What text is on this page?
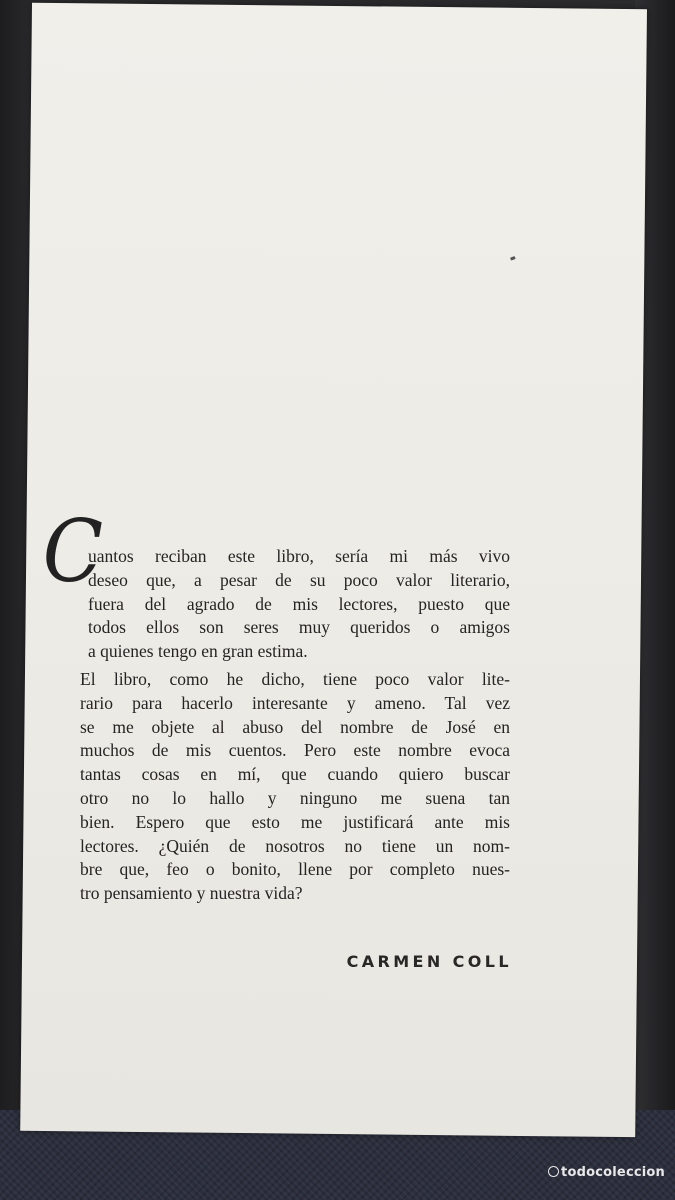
C
uantos reciban este libro, sería mi más vivo
deseo que, a pesar de su poco valor literario,
fuera del agrado de mis lectores, puesto que
todos ellos son seres muy queridos o amigos
a quienes tengo en gran estima.
El libro, como he dicho, tiene poco valor lite-
rario para hacerlo interesante y ameno. Tal vez
se me objete al abuso del nombre de José en
muchos de mis cuentos. Pero este nombre evoca
tantas cosas en mí, que cuando quiero buscar
otro no lo hallo y ninguno me suena tan
bien. Espero que esto me justificará ante mis
lectores. ¿Quién de nosotros no tiene un nom-
bre que, feo o bonito, llene por completo nues-
tro pensamiento y nuestra vida?
CARMEN COLL
todocoleccion
